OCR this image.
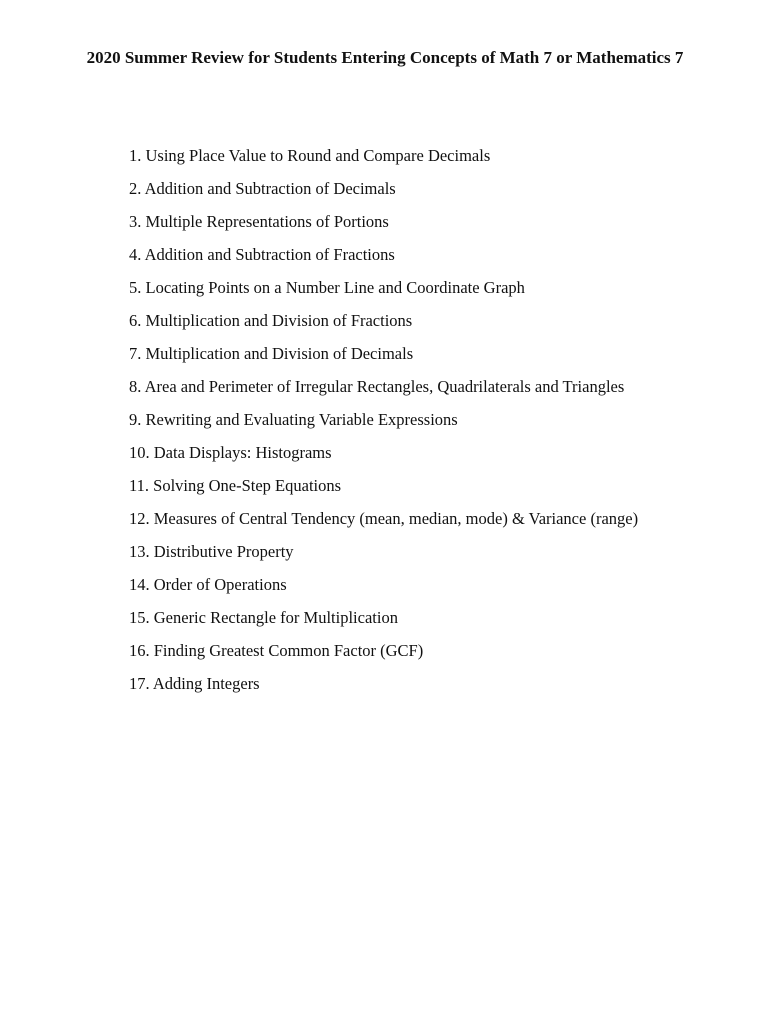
2020 Summer Review for Students Entering Concepts of Math 7 or Mathematics 7
1. Using Place Value to Round and Compare Decimals
2. Addition and Subtraction of Decimals
3. Multiple Representations of Portions
4. Addition and Subtraction of Fractions
5. Locating Points on a Number Line and Coordinate Graph
6. Multiplication and Division of Fractions
7. Multiplication and Division of Decimals
8. Area and Perimeter of Irregular Rectangles, Quadrilaterals and Triangles
9. Rewriting and Evaluating Variable Expressions
10. Data Displays: Histograms
11. Solving One-Step Equations
12. Measures of Central Tendency (mean, median, mode) & Variance (range)
13. Distributive Property
14. Order of Operations
15. Generic Rectangle for Multiplication
16. Finding Greatest Common Factor (GCF)
17. Adding Integers
